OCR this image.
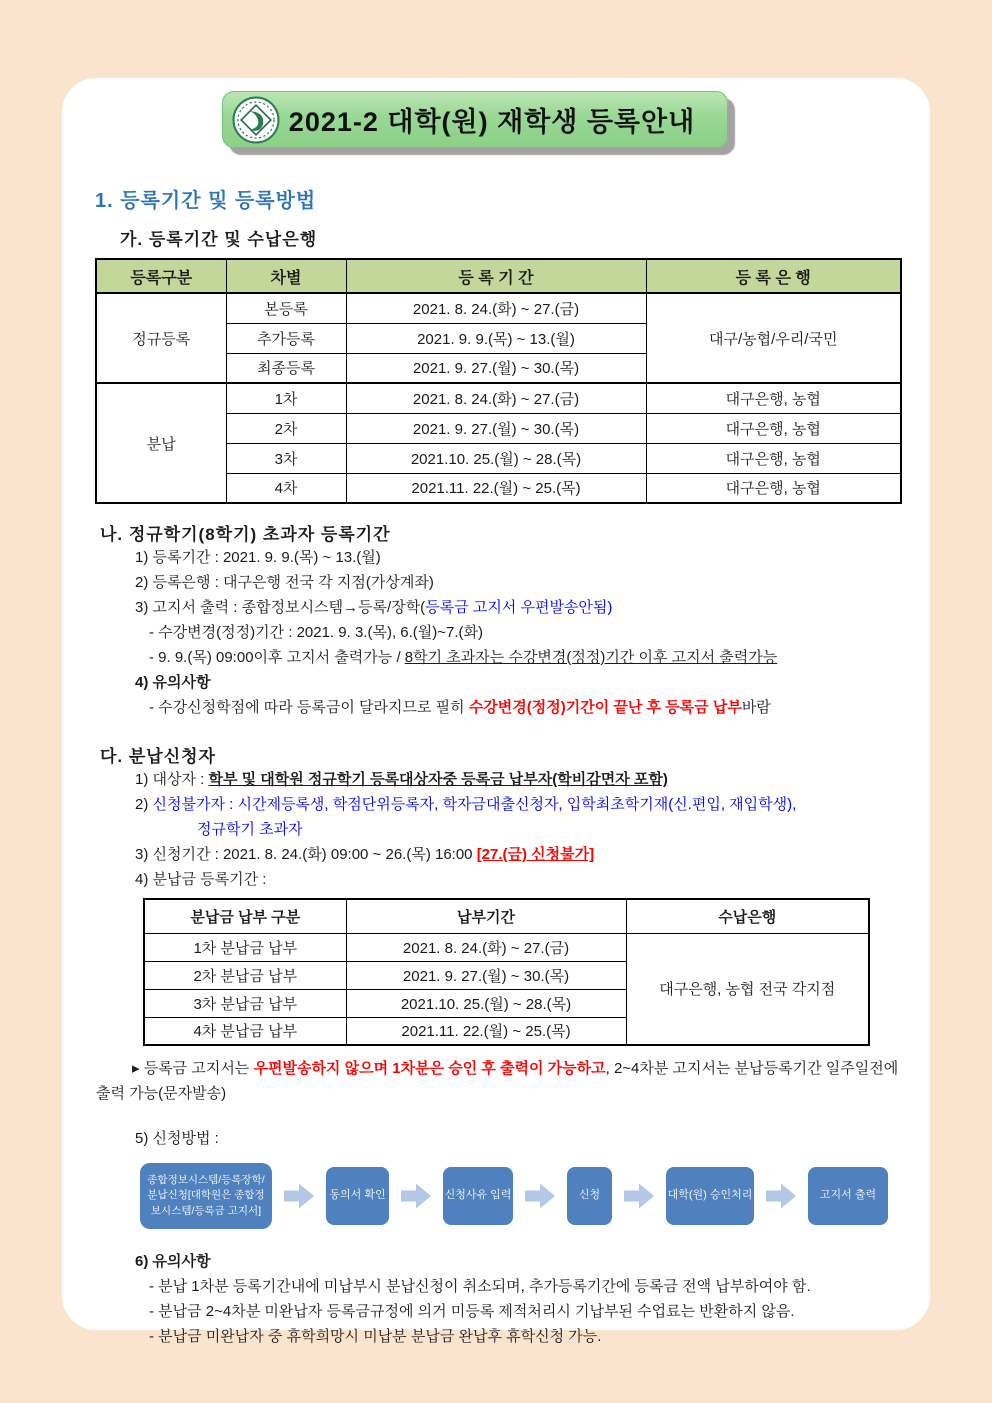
2021-2 대학(원) 재학생 등록안내
1. 등록기간 및 등록방법
가. 등록기간 및 수납은행
등록구분	차별	등 록 기 간	등 록 은 행
정규등록	본등록	2021. 8. 24.(화) ~ 27.(금)	대구/농협/우리/국민
	추가등록	2021. 9. 9.(목) ~ 13.(월)	
	최종등록	2021. 9. 27.(월) ~ 30.(목)	
분납	1차	2021. 8. 24.(화) ~ 27.(금)	대구은행, 농협
	2차	2021. 9. 27.(월) ~ 30.(목)	대구은행, 농협
	3차	2021.10. 25.(월) ~ 28.(목)	대구은행, 농협
	4차	2021.11. 22.(월) ~ 25.(목)	대구은행, 농협
나. 정규학기(8학기) 초과자 등록기간
1) 등록기간 : 2021. 9. 9.(목) ~ 13.(월)
2) 등록은행 : 대구은행 전국 각 지점(가상계좌)
3) 고지서 출력 : 종합정보시스템→등록/장학(등록금 고지서 우편발송안됨)
- 수강변경(정정)기간 : 2021. 9. 3.(목), 6.(월)~7.(화)
- 9. 9.(목) 09:00이후 고지서 출력가능 / 8학기 초과자는 수강변경(정정)기간 이후 고지서 출력가능
4) 유의사항
- 수강신청학점에 따라 등록금이 달라지므로 필히 수강변경(정정)기간이 끝난 후 등록금 납부바람
다. 분납신청자
1) 대상자 : 학부 및 대학원 정규학기 등록대상자중 등록금 납부자(학비감면자 포함)
2) 신청불가자 : 시간제등록생, 학점단위등록자, 학자금대출신청자, 입학최초학기재(신.편입, 재입학생),
정규학기 초과자
3) 신청기간 : 2021. 8. 24.(화) 09:00 ~ 26.(목) 16:00 [27.(금) 신청불가]
4) 분납금 등록기간 :
분납금 납부 구분	납부기간	수납은행
1차 분납금 납부	2021. 8. 24.(화) ~ 27.(금)	대구은행, 농협 전국 각지점
2차 분납금 납부	2021. 9. 27.(월) ~ 30.(목)	
3차 분납금 납부	2021.10. 25.(월) ~ 28.(목)	
4차 분납금 납부	2021.11. 22.(월) ~ 25.(목)	

▸ 등록금 고지서는 우편발송하지 않으며 1차분은 승인 후 출력이 가능하고, 2~4차분 고지서는 분납등록기간 일주일전에 출력 가능(문자발송)

5) 신청방법 :
종합정보시스템/등록장학/분납신청[대학원은 종합정보시스템/등록금 고지서]
동의서 확인	신청사유 입력	신청	대학(원) 승인처리	고지서 출력
6) 유의사항
- 분납 1차분 등록기간내에 미납부시 분납신청이 취소되며, 추가등록기간에 등록금 전액 납부하여야 함.
- 분납금 2~4차분 미완납자 등록금규정에 의거 미등록 제적처리시 기납부된 수업료는 반환하지 않음.
- 분납금 미완납자 중 휴학희망시 미납분 분납금 완납후 휴학신청 가능.
